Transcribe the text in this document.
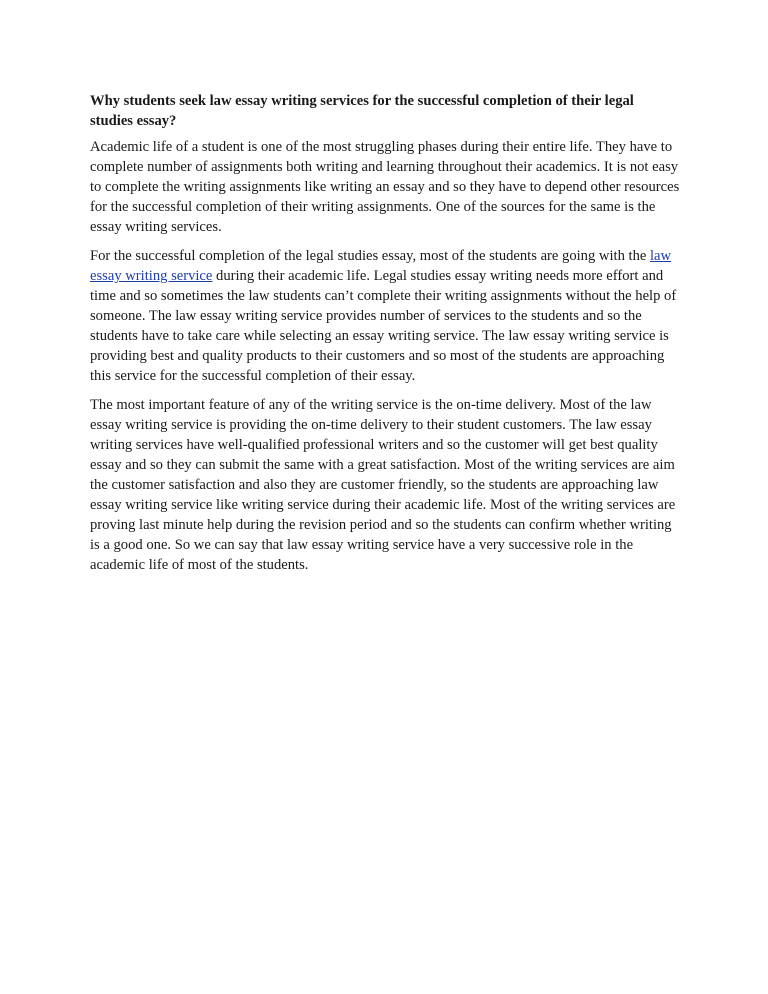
Why students seek law essay writing services for the successful completion of their legal studies essay?

Academic life of a student is one of the most struggling phases during their entire life. They have to complete number of assignments both writing and learning throughout their academics. It is not easy to complete the writing assignments like writing an essay and so they have to depend other resources for the successful completion of their writing assignments. One of the sources for the same is the essay writing services.

For the successful completion of the legal studies essay, most of the students are going with the law essay writing service during their academic life. Legal studies essay writing needs more effort and time and so sometimes the law students can’t complete their writing assignments without the help of someone. The law essay writing service provides number of services to the students and so the students have to take care while selecting an essay writing service. The law essay writing service is providing best and quality products to their customers and so most of the students are approaching this service for the successful completion of their essay.

The most important feature of any of the writing service is the on-time delivery. Most of the law essay writing service is providing the on-time delivery to their student customers. The law essay writing services have well-qualified professional writers and so the customer will get best quality essay and so they can submit the same with a great satisfaction. Most of the writing services are aim the customer satisfaction and also they are customer friendly, so the students are approaching law essay writing service like writing service during their academic life. Most of the writing services are proving last minute help during the revision period and so the students can confirm whether writing is a good one. So we can say that law essay writing service have a very successive role in the academic life of most of the students.
